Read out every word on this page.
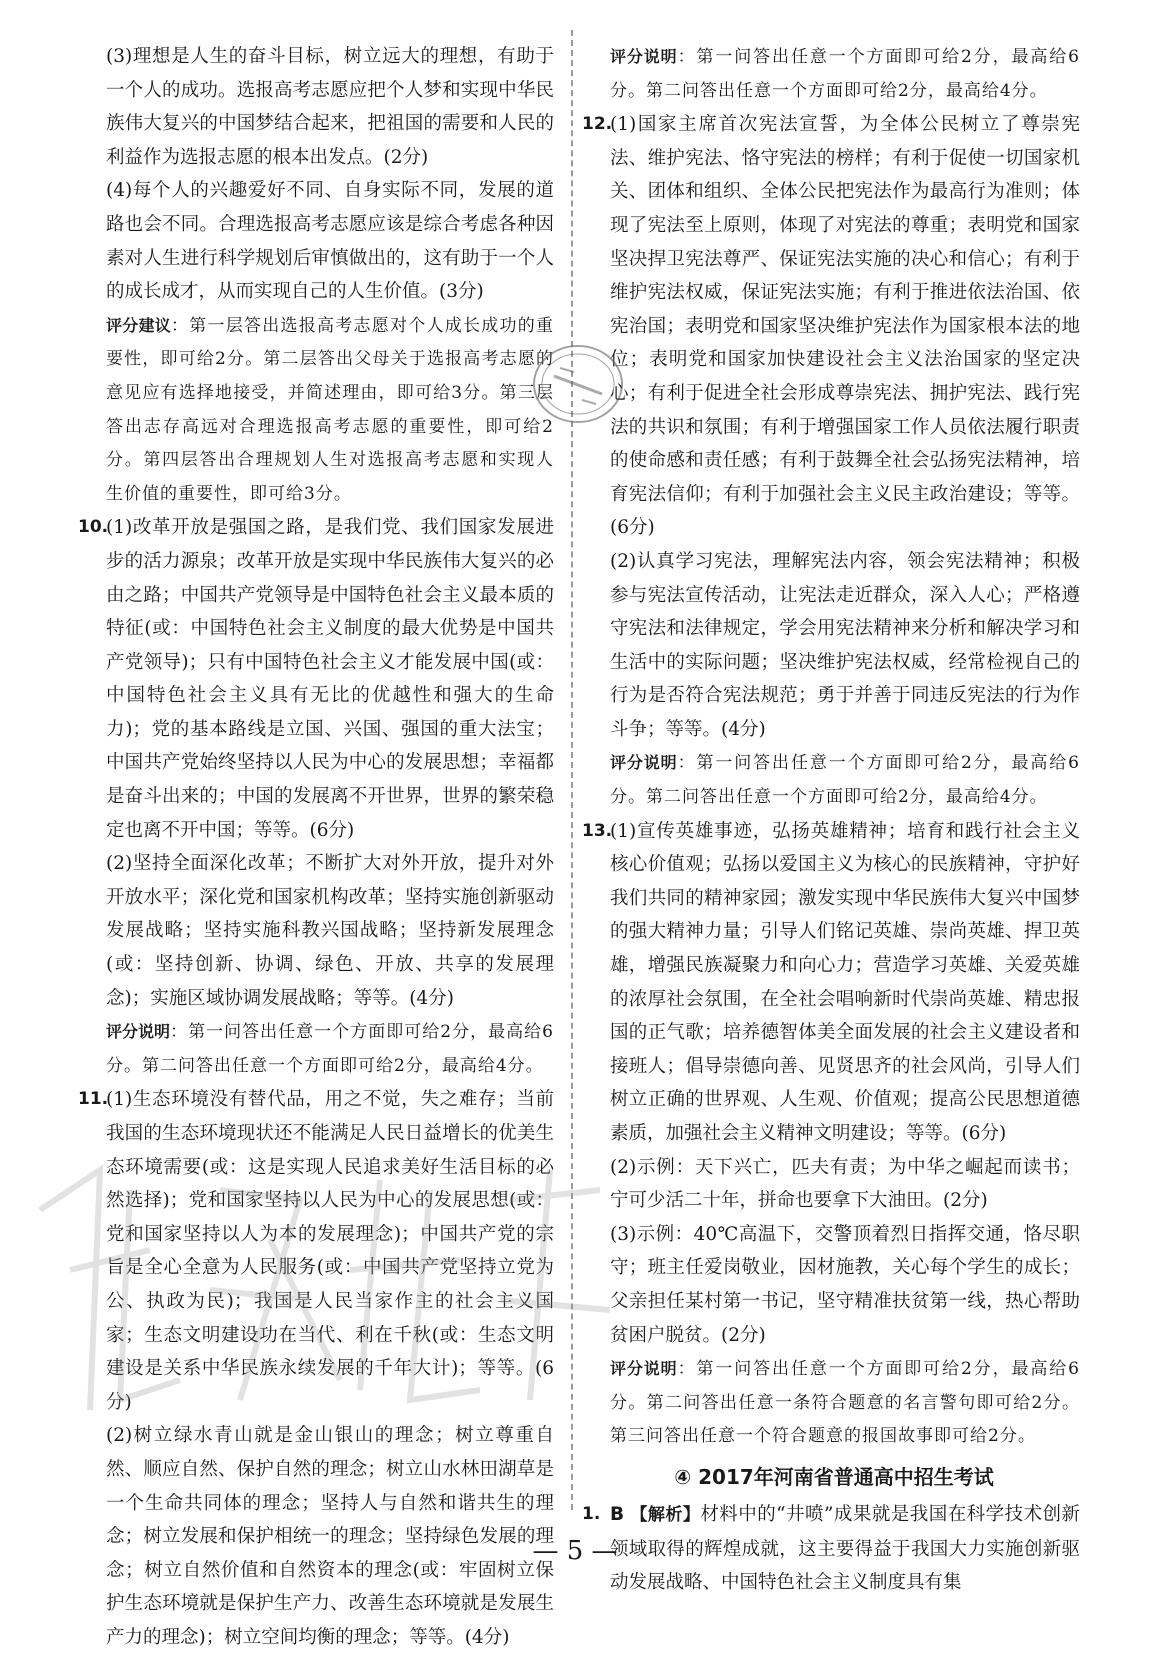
(3)理想是人生的奋斗目标，树立远大的理想，有助于一个人的成功。选报高考志愿应把个人梦和实现中华民族伟大复兴的中国梦结合起来，把祖国的需要和人民的利益作为选报志愿的根本出发点。(2分)

(4)每个人的兴趣爱好不同、自身实际不同，发展的道路也会不同。合理选报高考志愿应该是综合考虑各种因素对人生进行科学规划后审慎做出的，这有助于一个人的成长成才，从而实现自己的人生价值。(3分)

评分建议：第一层答出选报高考志愿对个人成长成功的重要性，即可给2分。第二层答出父母关于选报高考志愿的意见应有选择地接受，并简述理由，即可给3分。第三层答出志存高远对合理选报高考志愿的重要性，即可给2分。第四层答出合理规划人生对选报高考志愿和实现人生价值的重要性，即可给3分。

10.
(1)改革开放是强国之路，是我们党、我们国家发展进步的活力源泉；改革开放是实现中华民族伟大复兴的必由之路；中国共产党领导是中国特色社会主义最本质的特征(或：中国特色社会主义制度的最大优势是中国共产党领导)；只有中国特色社会主义才能发展中国(或：中国特色社会主义具有无比的优越性和强大的生命力)；党的基本路线是立国、兴国、强国的重大法宝；中国共产党始终坚持以人民为中心的发展思想；幸福都是奋斗出来的；中国的发展离不开世界，世界的繁荣稳定也离不开中国；等等。(6分)

(2)坚持全面深化改革；不断扩大对外开放，提升对外开放水平；深化党和国家机构改革；坚持实施创新驱动发展战略；坚持实施科教兴国战略；坚持新发展理念(或：坚持创新、协调、绿色、开放、共享的发展理念)；实施区域协调发展战略；等等。(4分)

评分说明：第一问答出任意一个方面即可给2分，最高给6分。第二问答出任意一个方面即可给2分，最高给4分。

11.
(1)生态环境没有替代品，用之不觉，失之难存；当前我国的生态环境现状还不能满足人民日益增长的优美生态环境需要(或：这是实现人民追求美好生活目标的必然选择)；党和国家坚持以人民为中心的发展思想(或：党和国家坚持以人为本的发展理念)；中国共产党的宗旨是全心全意为人民服务(或：中国共产党坚持立党为公、执政为民)；我国是人民当家作主的社会主义国家；生态文明建设功在当代、利在千秋(或：生态文明建设是关系中华民族永续发展的千年大计)；等等。(6分)

(2)树立绿水青山就是金山银山的理念；树立尊重自然、顺应自然、保护自然的理念；树立山水林田湖草是一个生命共同体的理念；坚持人与自然和谐共生的理念；树立发展和保护相统一的理念；坚持绿色发展的理念；树立自然价值和自然资本的理念(或：牢固树立保护生态环境就是保护生产力、改善生态环境就是发展生产力的理念)；树立空间均衡的理念；等等。(4分)

评分说明：第一问答出任意一个方面即可给2分，最高给6分。第二问答出任意一个方面即可给2分，最高给4分。

12.
(1)国家主席首次宪法宣誓，为全体公民树立了尊崇宪法、维护宪法、恪守宪法的榜样；有利于促使一切国家机关、团体和组织、全体公民把宪法作为最高行为准则；体现了宪法至上原则，体现了对宪法的尊重；表明党和国家坚决捍卫宪法尊严、保证宪法实施的决心和信心；有利于维护宪法权威，保证宪法实施；有利于推进依法治国、依宪治国；表明党和国家坚决维护宪法作为国家根本法的地位；表明党和国家加快建设社会主义法治国家的坚定决心；有利于促进全社会形成尊崇宪法、拥护宪法、践行宪法的共识和氛围；有利于增强国家工作人员依法履行职责的使命感和责任感；有利于鼓舞全社会弘扬宪法精神，培育宪法信仰；有利于加强社会主义民主政治建设；等等。(6分)

(2)认真学习宪法，理解宪法内容，领会宪法精神；积极参与宪法宣传活动，让宪法走近群众，深入人心；严格遵守宪法和法律规定，学会用宪法精神来分析和解决学习和生活中的实际问题；坚决维护宪法权威，经常检视自己的行为是否符合宪法规范；勇于并善于同违反宪法的行为作斗争；等等。(4分)

评分说明：第一问答出任意一个方面即可给2分，最高给6分。第二问答出任意一个方面即可给2分，最高给4分。

13.
(1)宣传英雄事迹，弘扬英雄精神；培育和践行社会主义核心价值观；弘扬以爱国主义为核心的民族精神，守护好我们共同的精神家园；激发实现中华民族伟大复兴中国梦的强大精神力量；引导人们铭记英雄、崇尚英雄、捍卫英雄，增强民族凝聚力和向心力；营造学习英雄、关爱英雄的浓厚社会氛围，在全社会唱响新时代崇尚英雄、精忠报国的正气歌；培养德智体美全面发展的社会主义建设者和接班人；倡导崇德向善、见贤思齐的社会风尚，引导人们树立正确的世界观、人生观、价值观；提高公民思想道德素质，加强社会主义精神文明建设；等等。(6分)

(2)示例：天下兴亡，匹夫有责；为中华之崛起而读书；宁可少活二十年，拼命也要拿下大油田。(2分)

(3)示例：40℃高温下，交警顶着烈日指挥交通，恪尽职守；班主任爱岗敬业，因材施教，关心每个学生的成长；父亲担任某村第一书记，坚守精准扶贫第一线，热心帮助贫困户脱贫。(2分)

评分说明：第一问答出任意一个方面即可给2分，最高给6分。第二问答出任意一条符合题意的名言警句即可给2分。第三问答出任意一个符合题意的报国故事即可给2分。

④ 2017年河南省普通高中招生考试

1. B 【解析】材料中的“井喷”成果就是我国在科学技术创新领域取得的辉煌成就，这主要得益于我国大力实施创新驱动发展战略、中国特色社会主义制度具有集

— 5 —
